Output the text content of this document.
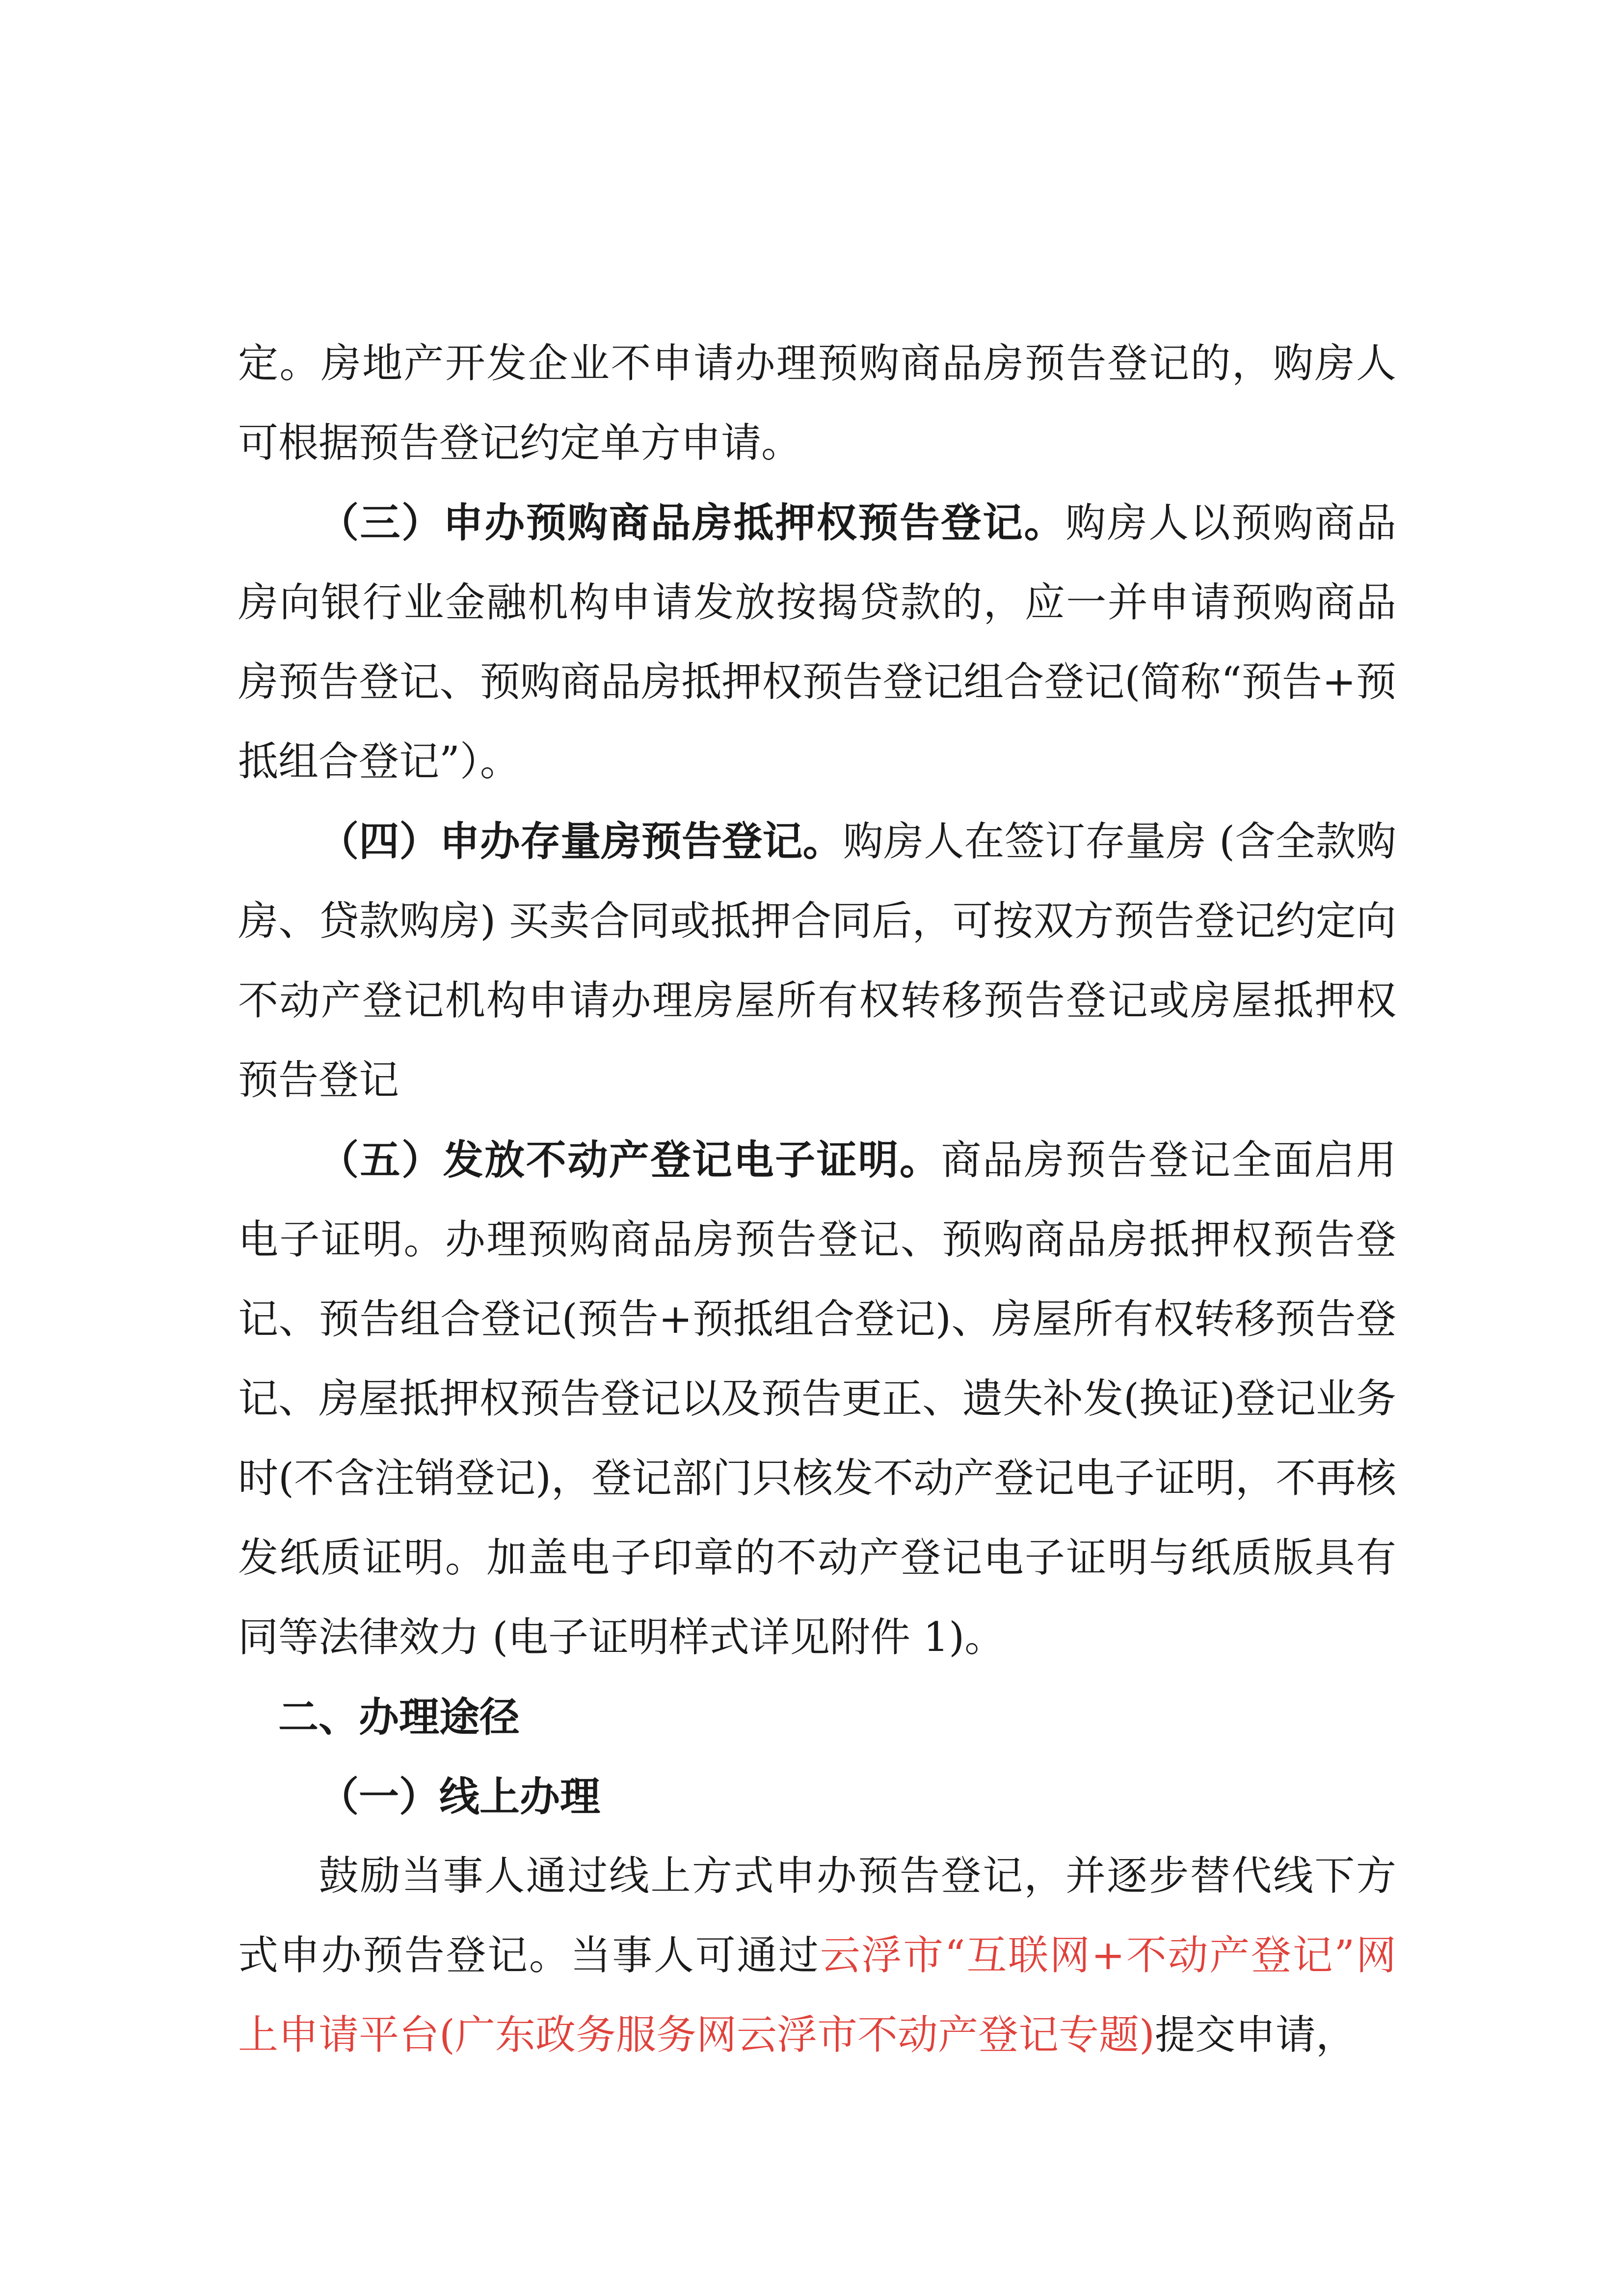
定。房地产开发企业不申请办理预购商品房预告登记的，购房人可根据预告登记约定单方申请。

（三）申办预购商品房抵押权预告登记。购房人以预购商品房向银行业金融机构申请发放按揭贷款的，应一并申请预购商品房预告登记、预购商品房抵押权预告登记组合登记(简称“预告+预抵组合登记”）。

（四）申办存量房预告登记。购房人在签订存量房 (含全款购房、贷款购房) 买卖合同或抵押合同后，可按双方预告登记约定向不动产登记机构申请办理房屋所有权转移预告登记或房屋抵押权预告登记

（五）发放不动产登记电子证明。商品房预告登记全面启用电子证明。办理预购商品房预告登记、预购商品房抵押权预告登记、预告组合登记(预告+预抵组合登记)、房屋所有权转移预告登记、房屋抵押权预告登记以及预告更正、遗失补发(换证)登记业务时(不含注销登记)，登记部门只核发不动产登记电子证明，不再核发纸质证明。加盖电子印章的不动产登记电子证明与纸质版具有同等法律效力 (电子证明样式详见附件 1)。

二、办理途径

（一）线上办理

鼓励当事人通过线上方式申办预告登记，并逐步替代线下方式申办预告登记。当事人可通过云浮市“互联网+不动产登记”网上申请平台(广东政务服务网云浮市不动产登记专题)提交申请，
